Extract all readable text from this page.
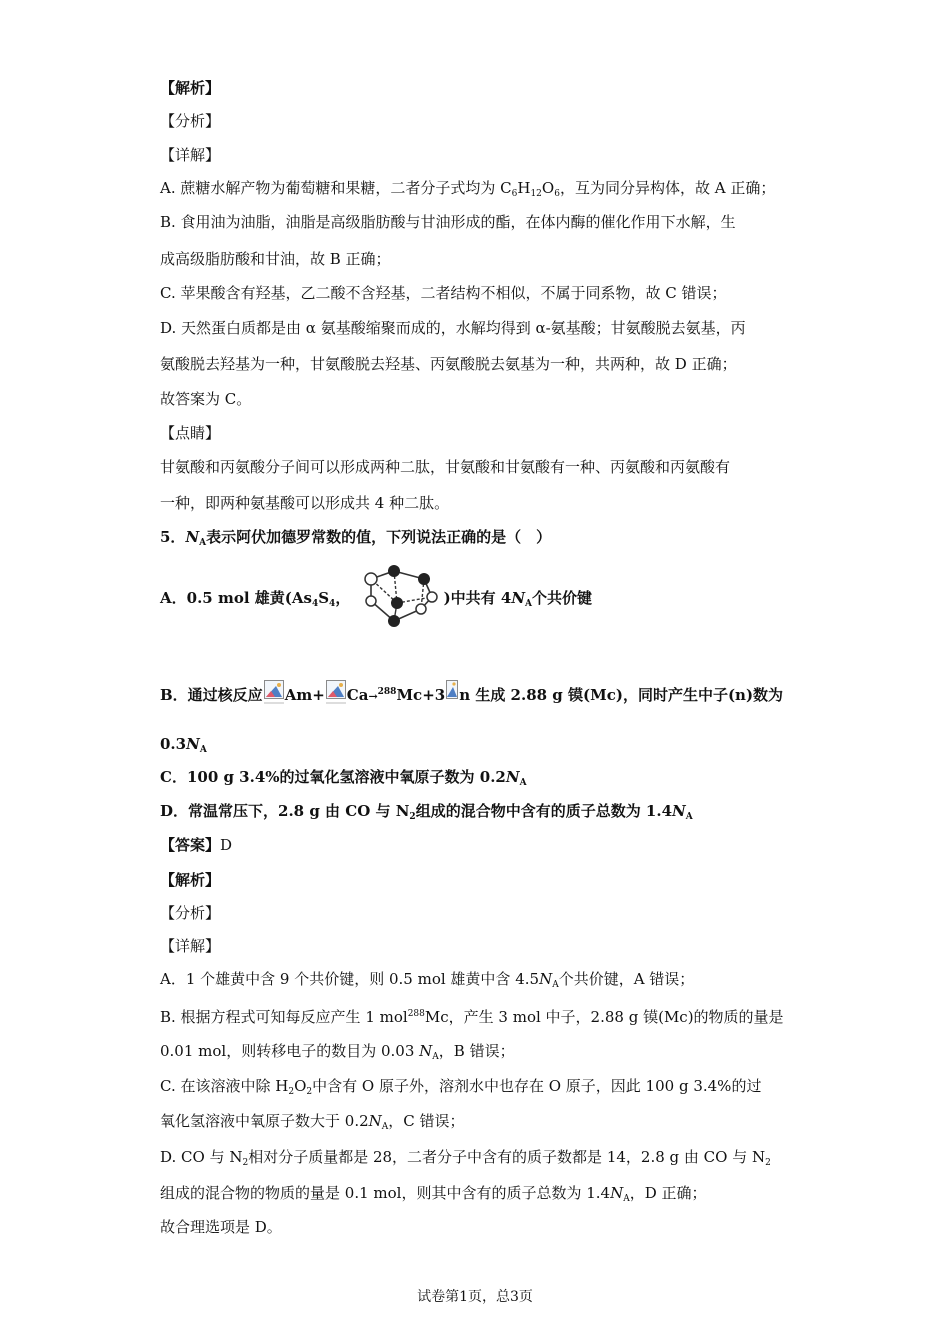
【解析】
【分析】
【详解】
A. 蔗糖水解产物为葡萄糖和果糖，二者分子式均为 $C_6H_{12}O_6$，互为同分异构体，故 A 正确；
B. 食用油为油脂，油脂是高级脂肪酸与甘油形成的酯，在体内酶的催化作用下水解，生
成高级脂肪酸和甘油，故 B 正确；
C. 苹果酸含有羟基，乙二酸不含羟基，二者结构不相似，不属于同系物，故 C 错误；
D. 天然蛋白质都是由 α 氨基酸缩聚而成的，水解均得到 α-氨基酸；甘氨酸脱去氨基，丙
氨酸脱去羟基为一种，甘氨酸脱去羟基、丙氨酸脱去氨基为一种，共两种，故 D 正确；
故答案为 C。
【点睛】
甘氨酸和丙氨酸分子间可以形成两种二肽，甘氨酸和甘氨酸有一种、丙氨酸和丙氨酸有
一种，即两种氨基酸可以形成共 4 种二肽。
5．$N_A$表示阿伏加德罗常数的值，下列说法正确的是（　）
A．0.5 mol 雄黄($As_4S_4$，	)中共有 $4N_A$个共价键
B．通过核反应 Am+ Ca→$^{288}$Mc+3 n 生成 2.88 g 镆(Mc)，同时产生中子(n)数为
$0.3N_A$
C．100 g 3.4%的过氧化氢溶液中氧原子数为 $0.2N_A$
D．常温常压下，2.8 g 由 CO 与 $N_2$组成的混合物中含有的质子总数为 $1.4N_A$
【答案】D
【解析】
【分析】
【详解】
A．1 个雄黄中含 9 个共价键，则 0.5 mol 雄黄中含 $4.5N_A$个共价键，A 错误；
B. 根据方程式可知每反应产生 1 mol$^{288}$Mc，产生 3 mol 中子，2.88 g 镆(Mc)的物质的量是
0.01 mol，则转移电子的数目为 0.03 $N_A$，B 错误；
C. 在该溶液中除 $H_2O_2$中含有 O 原子外，溶剂水中也存在 O 原子，因此 100 g 3.4%的过
氧化氢溶液中氧原子数大于 $0.2N_A$，C 错误；
D. CO 与 $N_2$相对分子质量都是 28，二者分子中含有的质子数都是 14，2.8 g 由 CO 与 $N_2$
组成的混合物的物质的量是 0.1 mol，则其中含有的质子总数为 $1.4N_A$，D 正确；
故合理选项是 D。
试卷第1页，总3页
